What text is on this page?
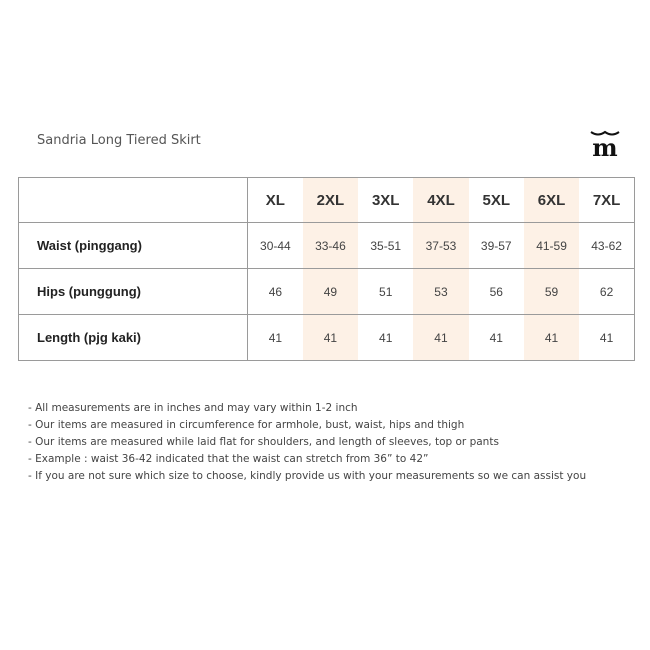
Sandria Long Tiered Skirt	m
	XL	2XL	3XL	4XL	5XL	6XL	7XL
Waist (pinggang)	30-44	33-46	35-51	37-53	39-57	41-59	43-62
Hips (punggung)	46	49	51	53	56	59	62
Length (pjg kaki)	41	41	41	41	41	41	41
- All measurements are in inches and may vary within 1-2 inch
- Our items are measured in circumference for armhole, bust, waist, hips and thigh
- Our items are measured while laid flat for shoulders, and length of sleeves, top or pants
- Example : waist 36-42 indicated that the waist can stretch from 36” to 42”
- If you are not sure which size to choose, kindly provide us with your measurements so we can assist you
